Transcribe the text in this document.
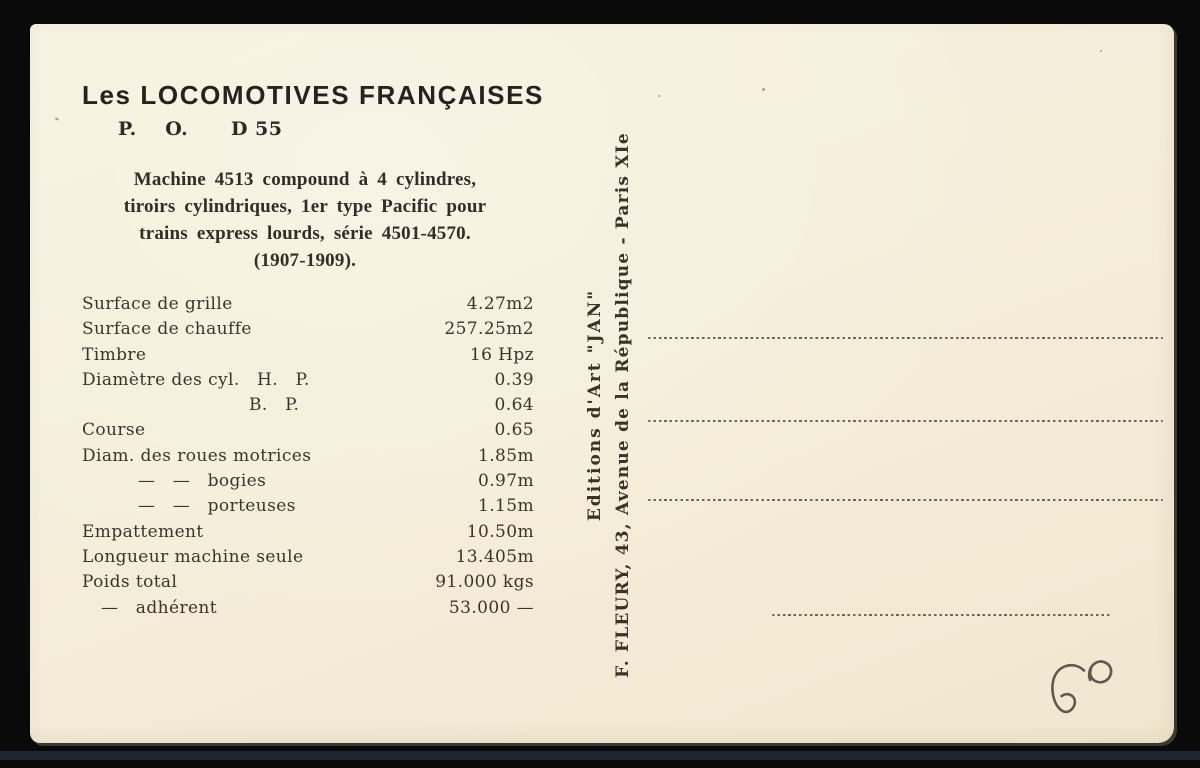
Les LOCOMOTIVES FRANÇAISES
P.    O.      D 55
Machine 4513 compound à 4 cylindres,
tiroirs cylindriques, 1er type Pacific pour
trains express lourds, série 4501-4570.
(1907-1909).
Surface de grille	4.27m2
Surface de chauffe	257.25m2
Timbre	16 Hpz
Diamètre des cyl.   H.   P.	0.39
B.   P.	0.64
Course	0.65
Diam. des roues motrices	1.85m
—   —   bogies	0.97m
—   —   porteuses	1.15m
Empattement	10.50m
Longueur machine seule	13.405m
Poids total	91.000 kgs
—   adhérent	53.000 —
Editions d'Art "JAN" F. FLEURY, 43, Avenue de la République - Paris XIe
